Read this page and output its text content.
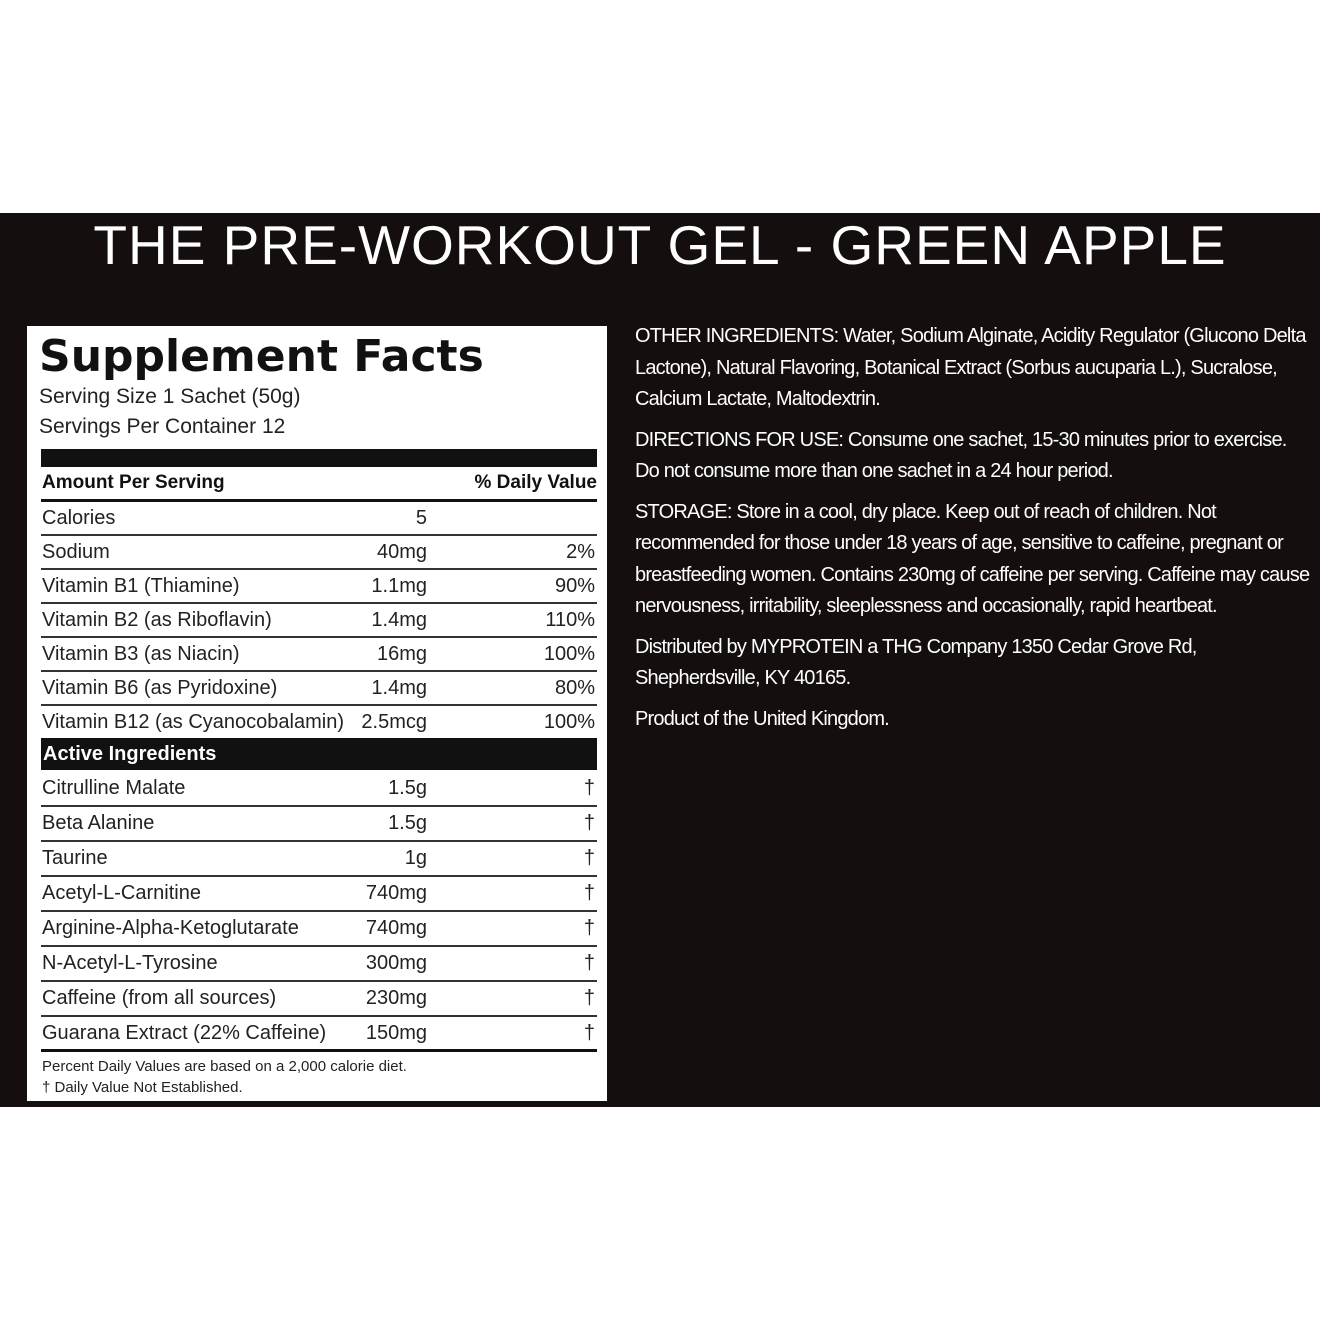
THE PRE-WORKOUT GEL - GREEN APPLE
Supplement Facts
Serving Size 1 Sachet (50g)
Servings Per Container 12
Amount Per Serving	% Daily Value
Calories	5
Sodium	40mg	2%
Vitamin B1 (Thiamine)	1.1mg	90%
Vitamin B2 (as Riboflavin)	1.4mg	110%
Vitamin B3 (as Niacin)	16mg	100%
Vitamin B6 (as Pyridoxine)	1.4mg	80%
Vitamin B12 (as Cyanocobalamin) 2.5mcg	100%
Active Ingredients
Citrulline Malate	1.5g	†
Beta Alanine	1.5g	†
Taurine	1g	†
Acetyl-L-Carnitine	740mg	†
Arginine-Alpha-Ketoglutarate	740mg	†
N-Acetyl-L-Tyrosine	300mg	†
Caffeine (from all sources)	230mg	†
Guarana Extract (22% Caffeine) 150mg	†
Percent Daily Values are based on a 2,000 calorie diet.
† Daily Value Not Established.

OTHER INGREDIENTS: Water, Sodium Alginate, Acidity Regulator (Glucono Delta Lactone), Natural Flavoring, Botanical Extract (Sorbus aucuparia L.), Sucralose, Calcium Lactate, Maltodextrin.

DIRECTIONS FOR USE: Consume one sachet, 15-30 minutes prior to exercise. Do not consume more than one sachet in a 24 hour period.

STORAGE: Store in a cool, dry place. Keep out of reach of children. Not recommended for those under 18 years of age, sensitive to caffeine, pregnant or breastfeeding women. Contains 230mg of caffeine per serving. Caffeine may cause nervousness, irritability, sleeplessness and occasionally, rapid heartbeat.

Distributed by MYPROTEIN a THG Company 1350 Cedar Grove Rd, Shepherdsville, KY 40165.

Product of the United Kingdom.
